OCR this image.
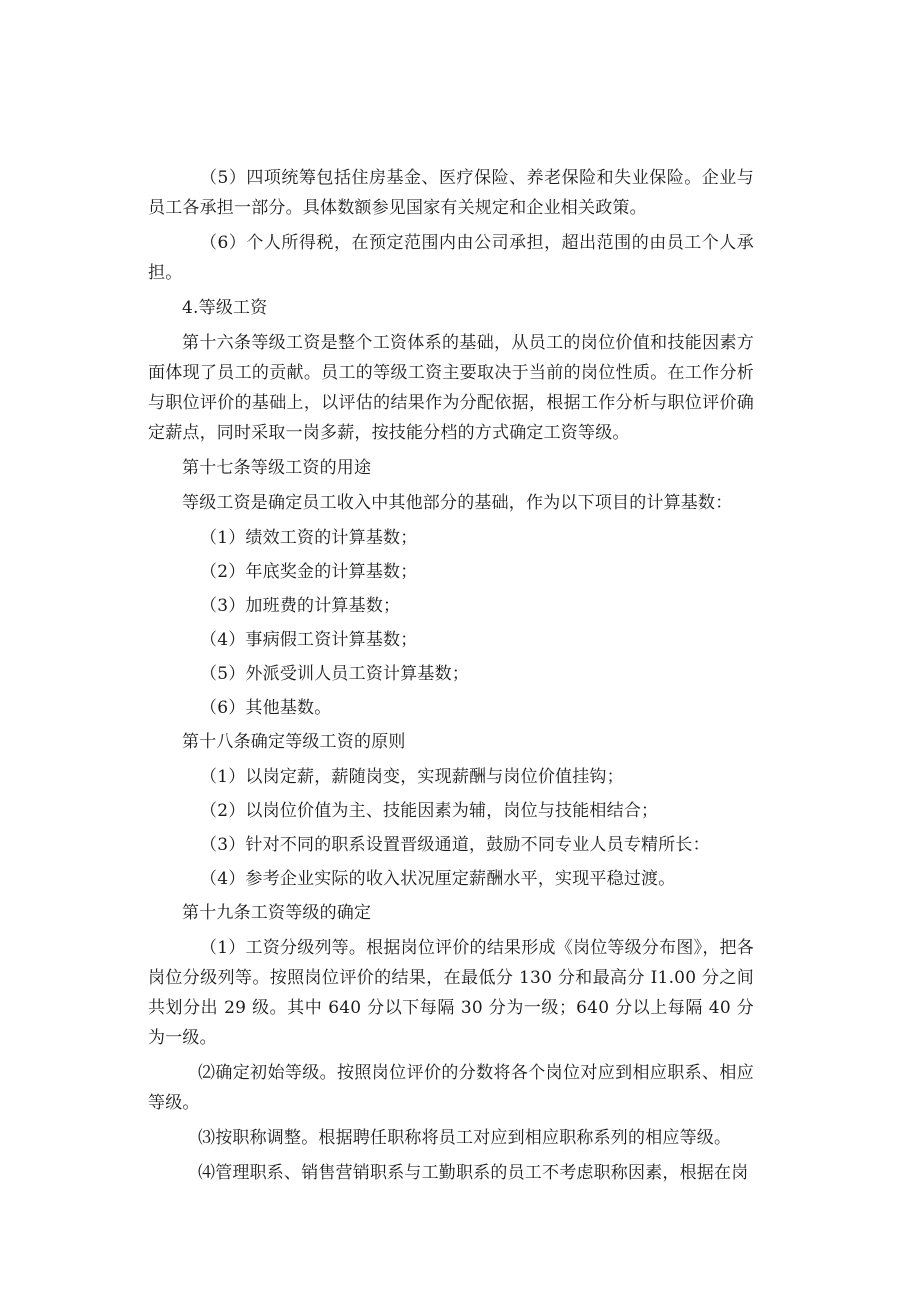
（5）四项统筹包括住房基金、医疗保险、养老保险和失业保险。企业与员工各承担一部分。具体数额参见国家有关规定和企业相关政策。

（6）个人所得税，在预定范围内由公司承担，超出范围的由员工个人承担。

4.等级工资

第十六条等级工资是整个工资体系的基础，从员工的岗位价值和技能因素方面体现了员工的贡献。员工的等级工资主要取决于当前的岗位性质。在工作分析与职位评价的基础上，以评估的结果作为分配依据，根据工作分析与职位评价确定薪点，同时采取一岗多薪，按技能分档的方式确定工资等级。

第十七条等级工资的用途

等级工资是确定员工收入中其他部分的基础，作为以下项目的计算基数：

（1）绩效工资的计算基数；

（2）年底奖金的计算基数；

（3）加班费的计算基数；

（4）事病假工资计算基数；

（5）外派受训人员工资计算基数；

（6）其他基数。

第十八条确定等级工资的原则

（1）以岗定薪，薪随岗变，实现薪酬与岗位价值挂钩；

（2）以岗位价值为主、技能因素为辅，岗位与技能相结合；

（3）针对不同的职系设置晋级通道，鼓励不同专业人员专精所长：

（4）参考企业实际的收入状况厘定薪酬水平，实现平稳过渡。

第十九条工资等级的确定

（1）工资分级列等。根据岗位评价的结果形成《岗位等级分布图》，把各岗位分级列等。按照岗位评价的结果，在最低分 130 分和最高分 I1.00 分之间共划分出 29 级。其中 640 分以下每隔 30 分为一级；640 分以上每隔 40 分为一级。

⑵确定初始等级。按照岗位评价的分数将各个岗位对应到相应职系、相应等级。

⑶按职称调整。根据聘任职称将员工对应到相应职称系列的相应等级。

⑷管理职系、销售营销职系与工勤职系的员工不考虑职称因素，根据在岗
